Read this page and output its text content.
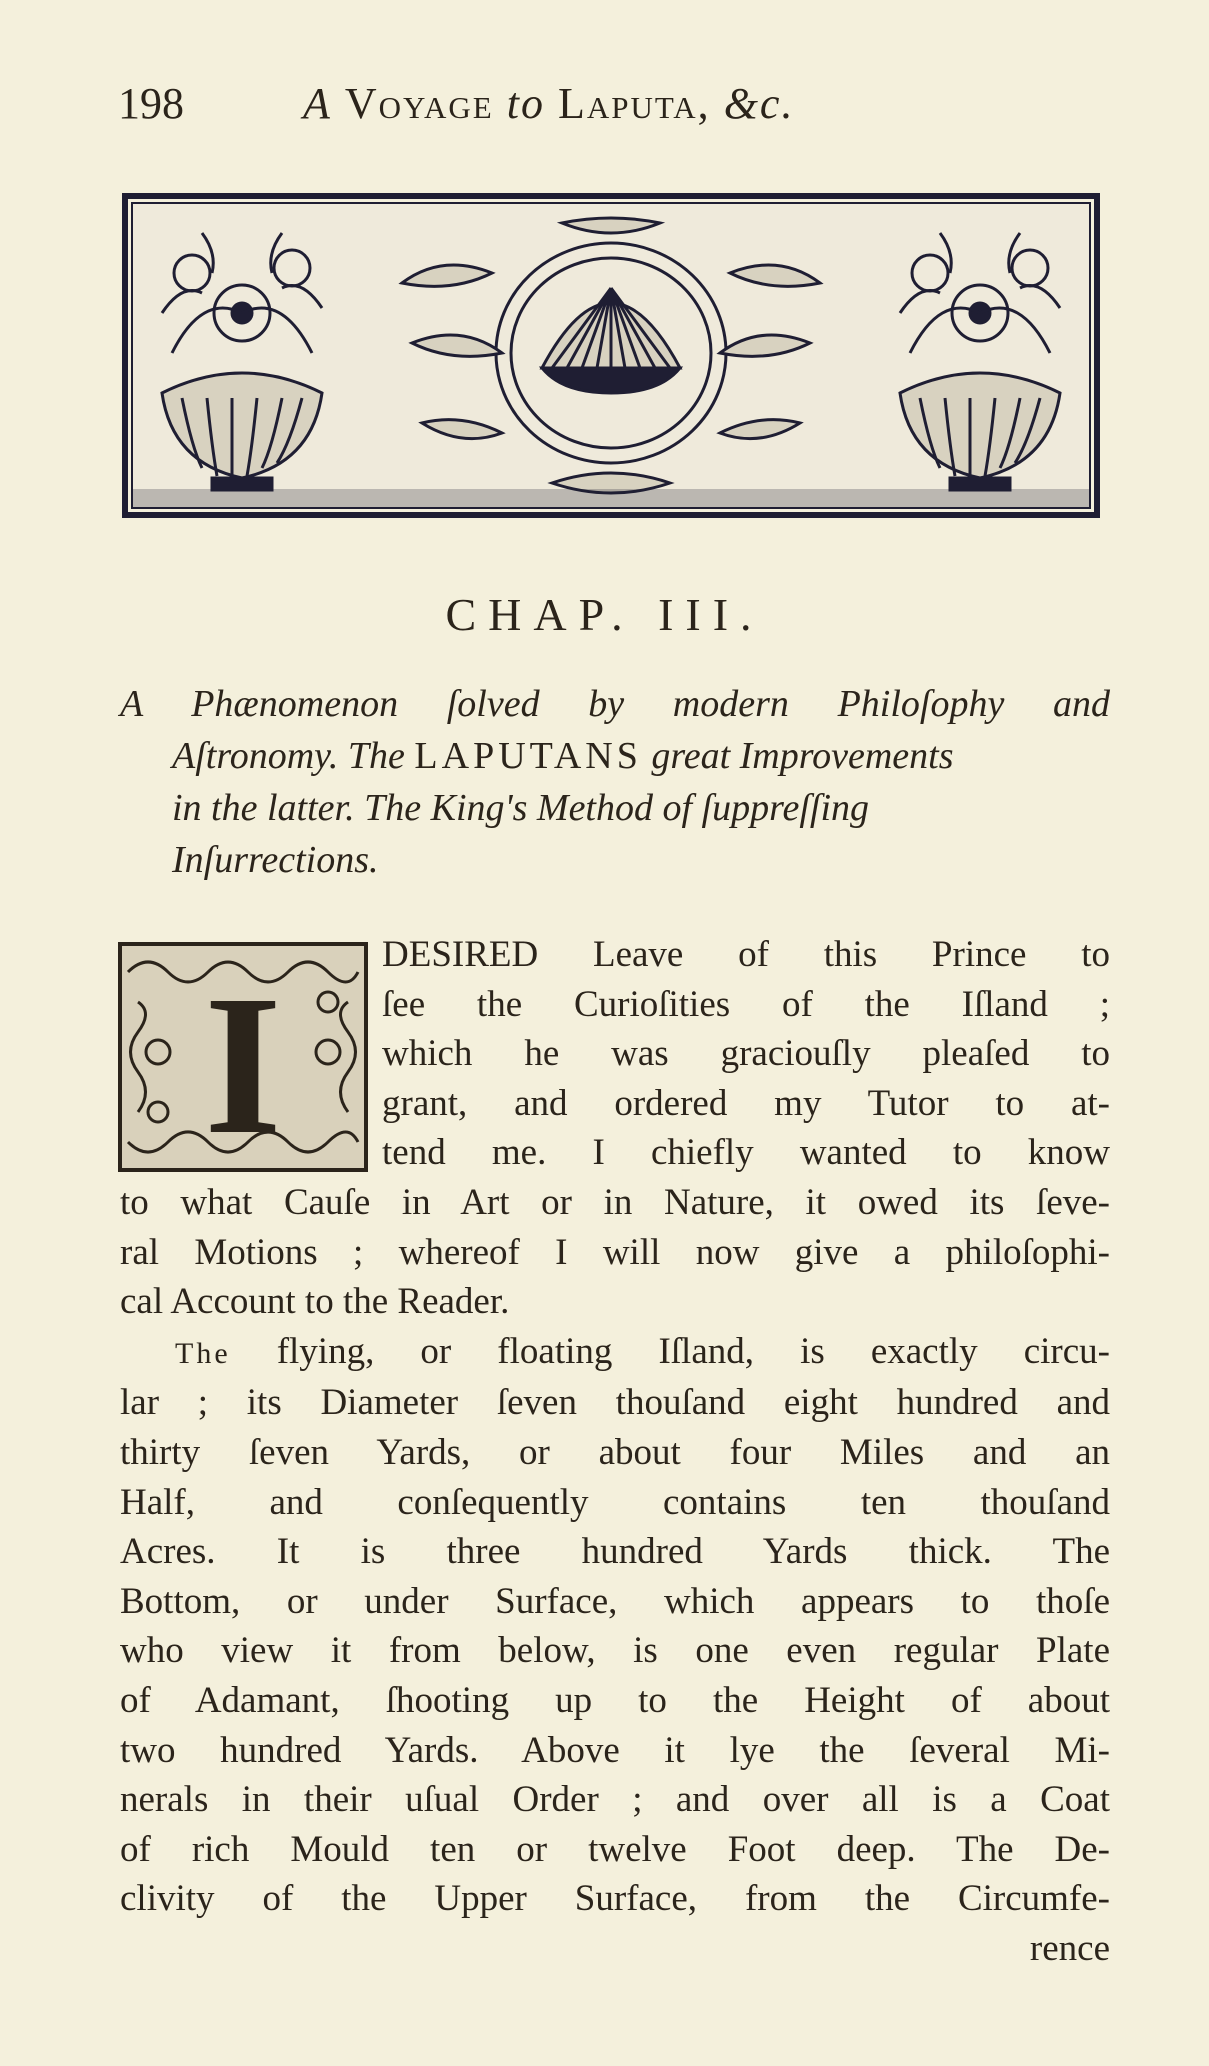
198	A Voyage to Laputa, &c.
CHAP. III.
A Phænomenon ſolved by modern Philoſophy and
Aſtronomy. The LAPUTANS great Improvements
in the latter. The King's Method of ſuppreſſing
Inſurrections.
I
DESIRED Leave of this Prince to
ſee the Curioſities of the Iſland ;
which he was graciouſly pleaſed to
grant, and ordered my Tutor to at-
tend me. I chiefly wanted to know
to what Cauſe in Art or in Nature, it owed its ſeve-
ral Motions ; whereof I will now give a philoſophi-
cal Account to the Reader.
The flying, or floating Iſland, is exactly circu-
lar ; its Diameter ſeven thouſand eight hundred and
thirty ſeven Yards, or about four Miles and an
Half, and conſequently contains ten thouſand
Acres. It is three hundred Yards thick. The
Bottom, or under Surface, which appears to thoſe
who view it from below, is one even regular Plate
of Adamant, ſhooting up to the Height of about
two hundred Yards. Above it lye the ſeveral Mi-
nerals in their uſual Order ; and over all is a Coat
of rich Mould ten or twelve Foot deep. The De-
clivity of the Upper Surface, from the Circumfe-
rence
